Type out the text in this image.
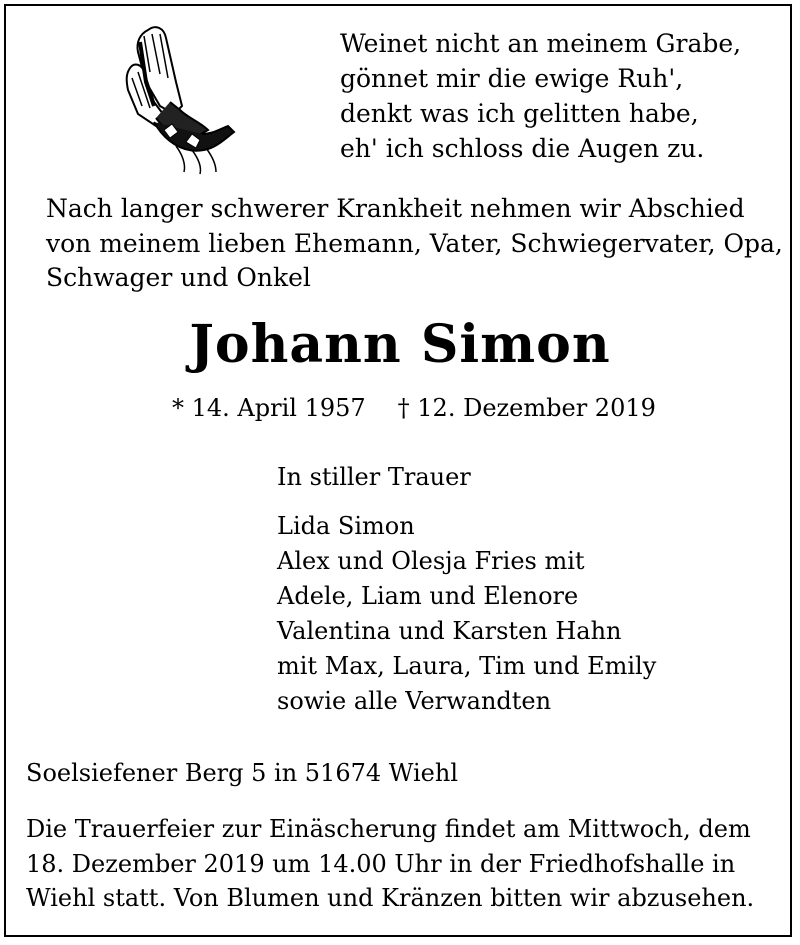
Weinet nicht an meinem Grabe,
gönnet mir die ewige Ruh',
denkt was ich gelitten habe,
eh' ich schloss die Augen zu.
Nach langer schwerer Krankheit nehmen wir Abschied
von meinem lieben Ehemann, Vater, Schwiegervater, Opa,
Schwager und Onkel
Johann Simon
* 14. April 1957 † 12. Dezember 2019
In stiller Trauer
Lida Simon
Alex und Olesja Fries mit
Adele, Liam und Elenore
Valentina und Karsten Hahn
mit Max, Laura, Tim und Emily
sowie alle Verwandten
Soelsiefener Berg 5 in 51674 Wiehl
Die Trauerfeier zur Einäscherung findet am Mittwoch, dem
18. Dezember 2019 um 14.00 Uhr in der Friedhofshalle in
Wiehl statt. Von Blumen und Kränzen bitten wir abzusehen.
